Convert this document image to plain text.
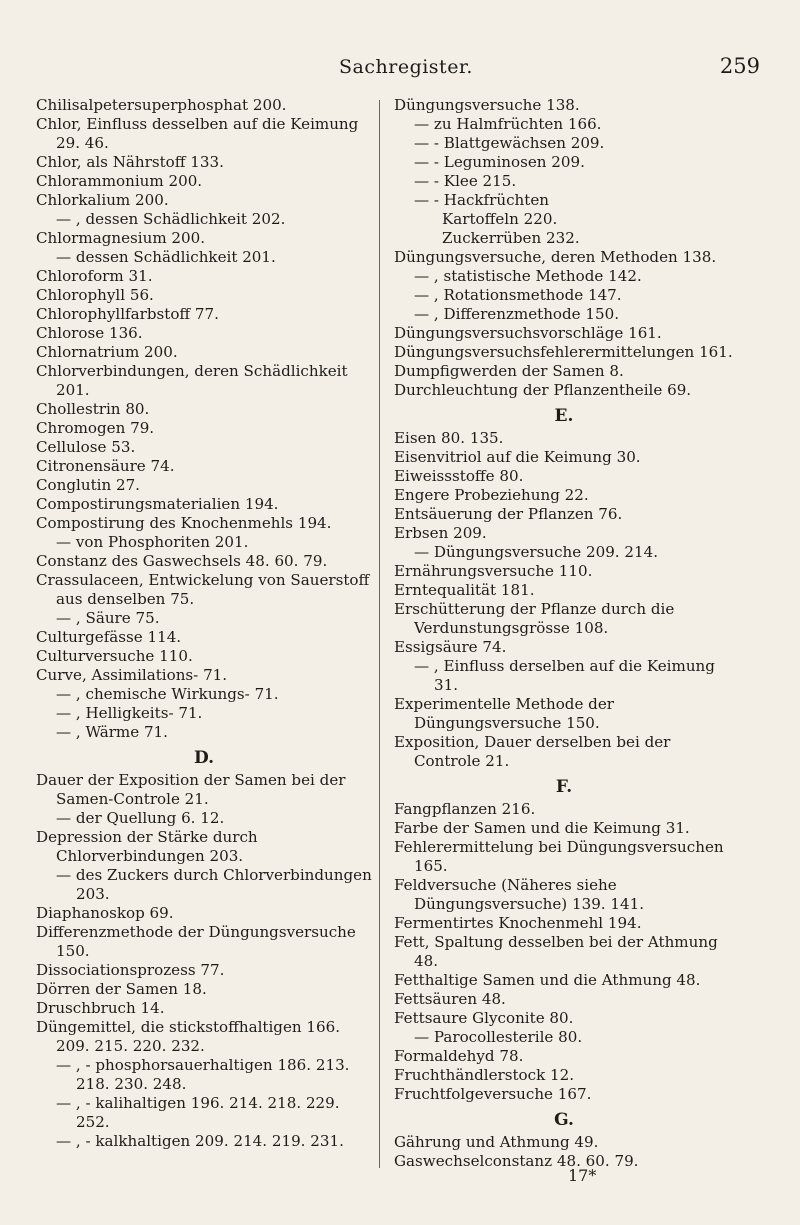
Sachregister.	259
Chilisalpetersuperphosphat 200.
Chlor, Einfluss desselben auf die Keimung 29. 46.
Chlor, als Nährstoff 133.
Chlorammonium 200.
Chlorkalium 200.
— , dessen Schädlichkeit 202.
Chlormagnesium 200.
— dessen Schädlichkeit 201.
Chloroform 31.
Chlorophyll 56.
Chlorophyllfarbstoff 77.
Chlorose 136.
Chlornatrium 200.
Chlorverbindungen, deren Schädlichkeit 201.
Chollestrin 80.
Chromogen 79.
Cellulose 53.
Citronensäure 74.
Conglutin 27.
Compostirungsmaterialien 194.
Compostirung des Knochenmehls 194.
— von Phosphoriten 201.
Constanz des Gaswechsels 48. 60. 79.
Crassulaceen, Entwickelung von Sauerstoff aus denselben 75.
— , Säure 75.
Culturgefässe 114.
Culturversuche 110.
Curve, Assimilations- 71.
— , chemische Wirkungs- 71.
— , Helligkeits- 71.
— , Wärme 71.
D.
Dauer der Exposition der Samen bei der Samen-Controle 21.
— der Quellung 6. 12.
Depression der Stärke durch Chlorverbindungen 203.
— des Zuckers durch Chlorverbindungen 203.
Diaphanoskop 69.
Differenzmethode der Düngungsversuche 150.
Dissociationsprozess 77.
Dörren der Samen 18.
Druschbruch 14.
Düngemittel, die stickstoffhaltigen 166. 209. 215. 220. 232.
— , - phosphorsauerhaltigen 186. 213. 218. 230. 248.
— , - kalihaltigen 196. 214. 218. 229. 252.
— , - kalkhaltigen 209. 214. 219. 231.
Düngungsversuche 138.
— zu Halmfrüchten 166.
— - Blattgewächsen 209.
— - Leguminosen 209.
— - Klee 215.
— - Hackfrüchten
Kartoffeln 220.
Zuckerrüben 232.
Düngungsversuche, deren Methoden 138.
— , statistische Methode 142.
— , Rotationsmethode 147.
— , Differenzmethode 150.
Düngungsversuchsvorschläge 161.
Düngungsversuchsfehlerermittelungen 161.
Dumpfigwerden der Samen 8.
Durchleuchtung der Pflanzentheile 69.
E.
Eisen 80. 135.
Eisenvitriol auf die Keimung 30.
Eiweissstoffe 80.
Engere Probeziehung 22.
Entsäuerung der Pflanzen 76.
Erbsen 209.
— Düngungsversuche 209. 214.
Ernährungsversuche 110.
Erntequalität 181.
Erschütterung der Pflanze durch die Verdunstungsgrösse 108.
Essigsäure 74.
— , Einfluss derselben auf die Keimung 31.
Experimentelle Methode der Düngungsversuche 150.
Exposition, Dauer derselben bei der Controle 21.
F.
Fangpflanzen 216.
Farbe der Samen und die Keimung 31.
Fehlerermittelung bei Düngungsversuchen 165.
Feldversuche (Näheres siehe Düngungsversuche) 139. 141.
Fermentirtes Knochenmehl 194.
Fett, Spaltung desselben bei der Athmung 48.
Fetthaltige Samen und die Athmung 48.
Fettsäuren 48.
Fettsaure Glyconite 80.
— Parocollesterile 80.
Formaldehyd 78.
Fruchthändlerstock 12.
Fruchtfolgeversuche 167.
G.
Gährung und Athmung 49.
Gaswechselconstanz 48. 60. 79.
17*
